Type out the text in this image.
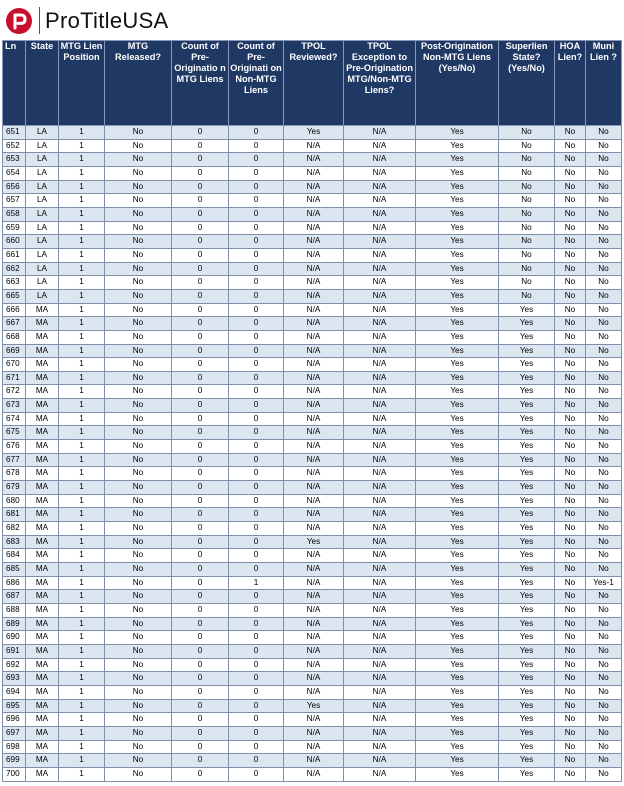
ProTitleUSA
Ln	State	MTG Lien Position	MTG Released?	Count of Pre-Originatio n MTG Liens	Count of Pre-Originati on Non-MTG Liens	TPOL Reviewed?	TPOL Exception to Pre-Origination MTG/Non-MTG Liens?	Post-Origination Non-MTG Liens (Yes/No)	Superlien State? (Yes/No)	HOA Lien?	Muni Lien ?
651	LA	1	No	0	0	Yes	N/A	Yes	No	No	No
652	LA	1	No	0	0	N/A	N/A	Yes	No	No	No
653	LA	1	No	0	0	N/A	N/A	Yes	No	No	No
654	LA	1	No	0	0	N/A	N/A	Yes	No	No	No
656	LA	1	No	0	0	N/A	N/A	Yes	No	No	No
657	LA	1	No	0	0	N/A	N/A	Yes	No	No	No
658	LA	1	No	0	0	N/A	N/A	Yes	No	No	No
659	LA	1	No	0	0	N/A	N/A	Yes	No	No	No
660	LA	1	No	0	0	N/A	N/A	Yes	No	No	No
661	LA	1	No	0	0	N/A	N/A	Yes	No	No	No
662	LA	1	No	0	0	N/A	N/A	Yes	No	No	No
663	LA	1	No	0	0	N/A	N/A	Yes	No	No	No
665	LA	1	No	0	0	N/A	N/A	Yes	No	No	No
666	MA	1	No	0	0	N/A	N/A	Yes	Yes	No	No
667	MA	1	No	0	0	N/A	N/A	Yes	Yes	No	No
668	MA	1	No	0	0	N/A	N/A	Yes	Yes	No	No
669	MA	1	No	0	0	N/A	N/A	Yes	Yes	No	No
670	MA	1	No	0	0	N/A	N/A	Yes	Yes	No	No
671	MA	1	No	0	0	N/A	N/A	Yes	Yes	No	No
672	MA	1	No	0	0	N/A	N/A	Yes	Yes	No	No
673	MA	1	No	0	0	N/A	N/A	Yes	Yes	No	No
674	MA	1	No	0	0	N/A	N/A	Yes	Yes	No	No
675	MA	1	No	0	0	N/A	N/A	Yes	Yes	No	No
676	MA	1	No	0	0	N/A	N/A	Yes	Yes	No	No
677	MA	1	No	0	0	N/A	N/A	Yes	Yes	No	No
678	MA	1	No	0	0	N/A	N/A	Yes	Yes	No	No
679	MA	1	No	0	0	N/A	N/A	Yes	Yes	No	No
680	MA	1	No	0	0	N/A	N/A	Yes	Yes	No	No
681	MA	1	No	0	0	N/A	N/A	Yes	Yes	No	No
682	MA	1	No	0	0	N/A	N/A	Yes	Yes	No	No
683	MA	1	No	0	0	Yes	N/A	Yes	Yes	No	No
684	MA	1	No	0	0	N/A	N/A	Yes	Yes	No	No
685	MA	1	No	0	0	N/A	N/A	Yes	Yes	No	No
686	MA	1	No	0	1	N/A	N/A	Yes	Yes	No	Yes-1
687	MA	1	No	0	0	N/A	N/A	Yes	Yes	No	No
688	MA	1	No	0	0	N/A	N/A	Yes	Yes	No	No
689	MA	1	No	0	0	N/A	N/A	Yes	Yes	No	No
690	MA	1	No	0	0	N/A	N/A	Yes	Yes	No	No
691	MA	1	No	0	0	N/A	N/A	Yes	Yes	No	No
692	MA	1	No	0	0	N/A	N/A	Yes	Yes	No	No
693	MA	1	No	0	0	N/A	N/A	Yes	Yes	No	No
694	MA	1	No	0	0	N/A	N/A	Yes	Yes	No	No
695	MA	1	No	0	0	Yes	N/A	Yes	Yes	No	No
696	MA	1	No	0	0	N/A	N/A	Yes	Yes	No	No
697	MA	1	No	0	0	N/A	N/A	Yes	Yes	No	No
698	MA	1	No	0	0	N/A	N/A	Yes	Yes	No	No
699	MA	1	No	0	0	N/A	N/A	Yes	Yes	No	No
700	MA	1	No	0	0	N/A	N/A	Yes	Yes	No	No
